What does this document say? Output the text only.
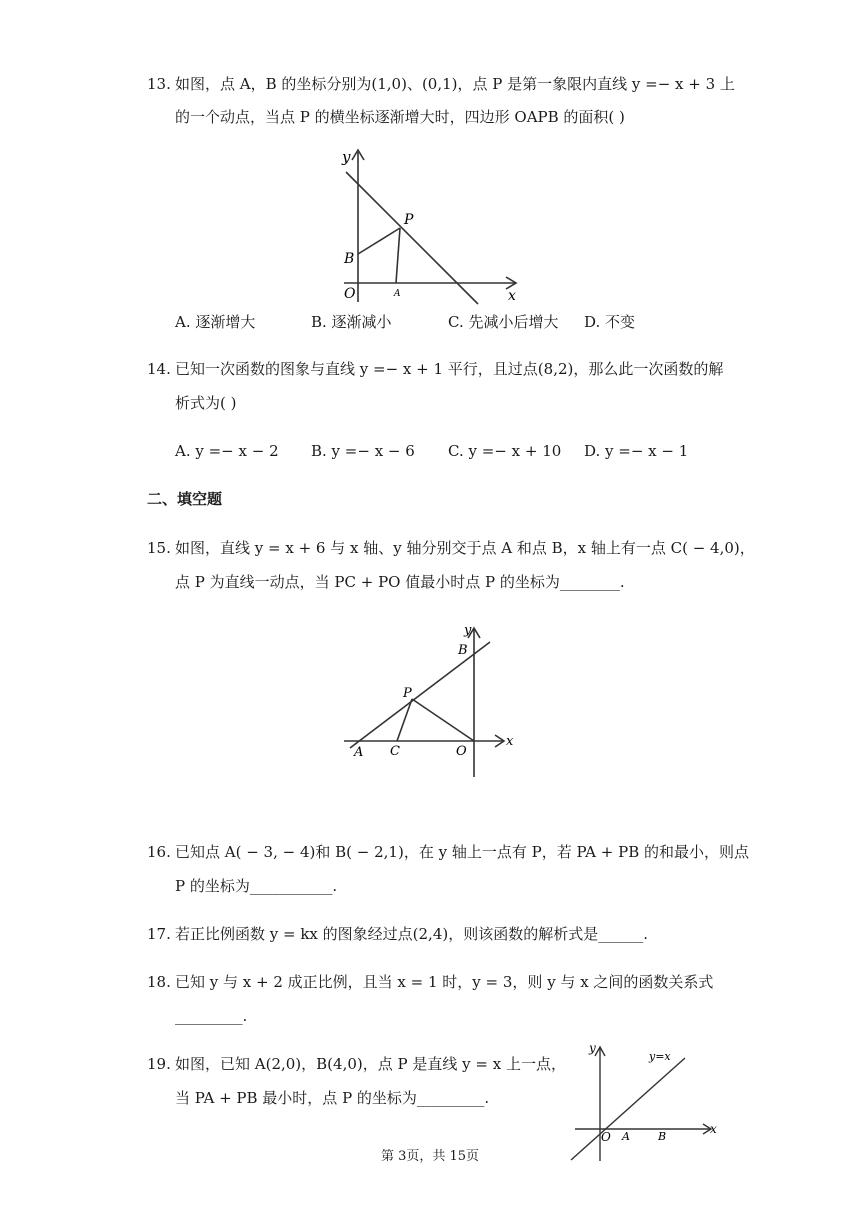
13. 如图，点 A，B 的坐标分别为(1,0)、(0,1)，点 P 是第一象限内直线 y =− x + 3 上
的一个动点，当点 P 的横坐标逐渐增大时，四边形 OAPB 的面积( )
y
x
P
B
O	A
A. 逐渐增大	B. 逐渐减小	C. 先减小后增大 D. 不变
14. 已知一次函数的图象与直线 y =− x + 1 平行，且过点(8,2)，那么此一次函数的解
析式为( )
A. y =− x − 2 B. y =− x − 6 C. y =− x + 10 D. y =− x − 1
二、填空题
15. 如图，直线 y = x + 6 与 x 轴、y 轴分别交于点 A 和点 B，x 轴上有一点 C( − 4,0)，
点 P 为直线一动点，当 PC + PO 值最小时点 P 的坐标为________.
y
x
B
P
A C	O
16. 已知点 A( − 3, − 4)和 B( − 2,1)，在 y 轴上一点有 P，若 PA + PB 的和最小，则点
P 的坐标为___________.
17. 若正比例函数 y = kx 的图象经过点(2,4)，则该函数的解析式是______.
18. 已知 y 与 x + 2 成正比例，且当 x = 1 时，y = 3，则 y 与 x 之间的函数关系式
_________.
19. 如图，已知 A(2,0)，B(4,0)，点 P 是直线 y = x 上一点，
当 PA + PB 最小时，点 P 的坐标为_________.
y
x
y=x
O A	B
第 3页，共 15页
